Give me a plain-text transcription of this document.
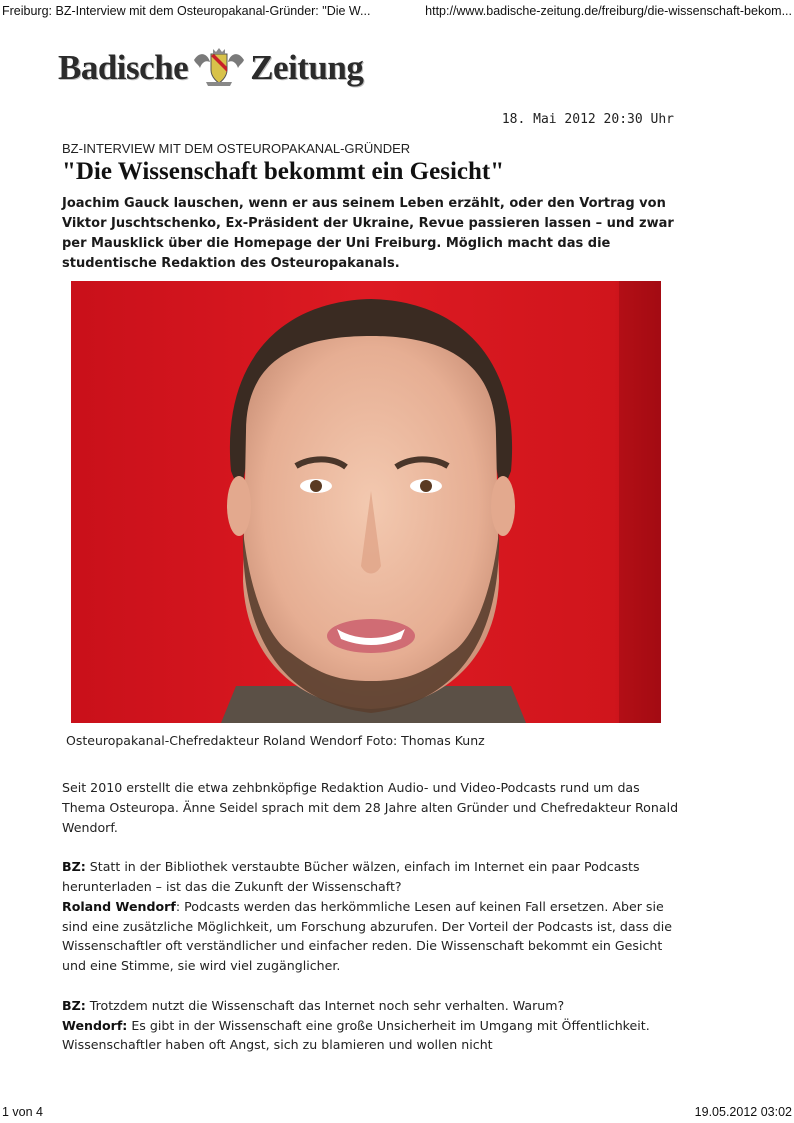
Freiburg: BZ-Interview mit dem Osteuropakanal-Gründer: "Die W...	http://www.badische-zeitung.de/freiburg/die-wissenschaft-bekom...
Badische Zeitung
18. Mai 2012 20:30 Uhr
BZ-INTERVIEW MIT DEM OSTEUROPAKANAL-GRÜNDER
"Die Wissenschaft bekommt ein Gesicht"

Joachim Gauck lauschen, wenn er aus seinem Leben erzählt, oder den Vortrag von Viktor Juschtschenko, Ex-Präsident der Ukraine, Revue passieren lassen – und zwar per Mausklick über die Homepage der Uni Freiburg. Möglich macht das die studentische Redaktion des Osteuropakanals.

Osteuropakanal-Chefredakteur Roland Wendorf Foto: Thomas Kunz

Seit 2010 erstellt die etwa zehbnköpfige Redaktion Audio- und Video-Podcasts rund um das Thema Osteuropa. Änne Seidel sprach mit dem 28 Jahre alten Gründer und Chefredakteur Ronald Wendorf.

BZ: Statt in der Bibliothek verstaubte Bücher wälzen, einfach im Internet ein paar Podcasts herunterladen – ist das die Zukunft der Wissenschaft?
Roland Wendorf: Podcasts werden das herkömmliche Lesen auf keinen Fall ersetzen. Aber sie sind eine zusätzliche Möglichkeit, um Forschung abzurufen. Der Vorteil der Podcasts ist, dass die Wissenschaftler oft verständlicher und einfacher reden. Die Wissenschaft bekommt ein Gesicht und eine Stimme, sie wird viel zugänglicher.

BZ: Trotzdem nutzt die Wissenschaft das Internet noch sehr verhalten. Warum?
Wendorf: Es gibt in der Wissenschaft eine große Unsicherheit im Umgang mit Öffentlichkeit. Wissenschaftler haben oft Angst, sich zu blamieren und wollen nicht

1 von 4	19.05.2012 03:02
